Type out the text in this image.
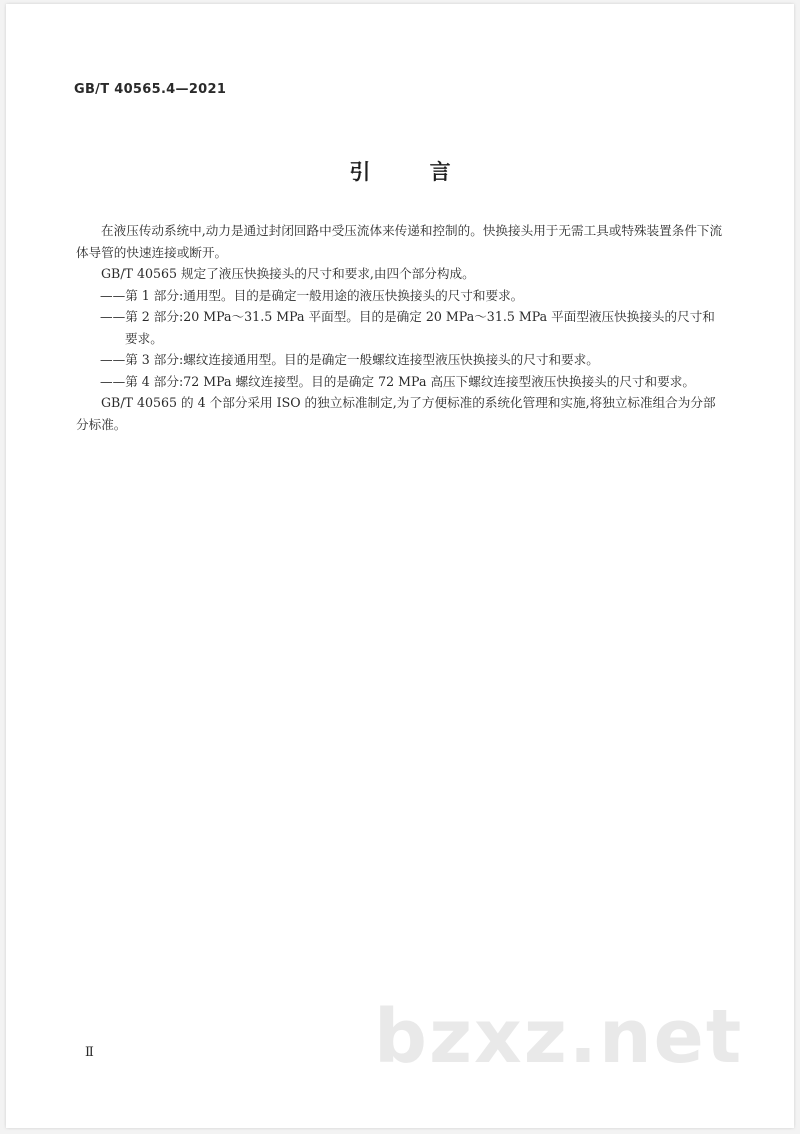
GB/T 40565.4—2021
引 言

在液压传动系统中,动力是通过封闭回路中受压流体来传递和控制的。快换接头用于无需工具或特殊装置条件下流体导管的快速连接或断开。

GB/T 40565 规定了液压快换接头的尺寸和要求,由四个部分构成。

——第 1 部分:通用型。目的是确定一般用途的液压快换接头的尺寸和要求。

——第 2 部分:20 MPa～31.5 MPa 平面型。目的是确定 20 MPa～31.5 MPa 平面型液压快换接头的尺寸和要求。

——第 3 部分:螺纹连接通用型。目的是确定一般螺纹连接型液压快换接头的尺寸和要求。

——第 4 部分:72 MPa 螺纹连接型。目的是确定 72 MPa 高压下螺纹连接型液压快换接头的尺寸和要求。

GB/T 40565 的 4 个部分采用 ISO 的独立标准制定,为了方便标准的系统化管理和实施,将独立标准组合为分部分标准。

bzxz.net
Ⅱ
